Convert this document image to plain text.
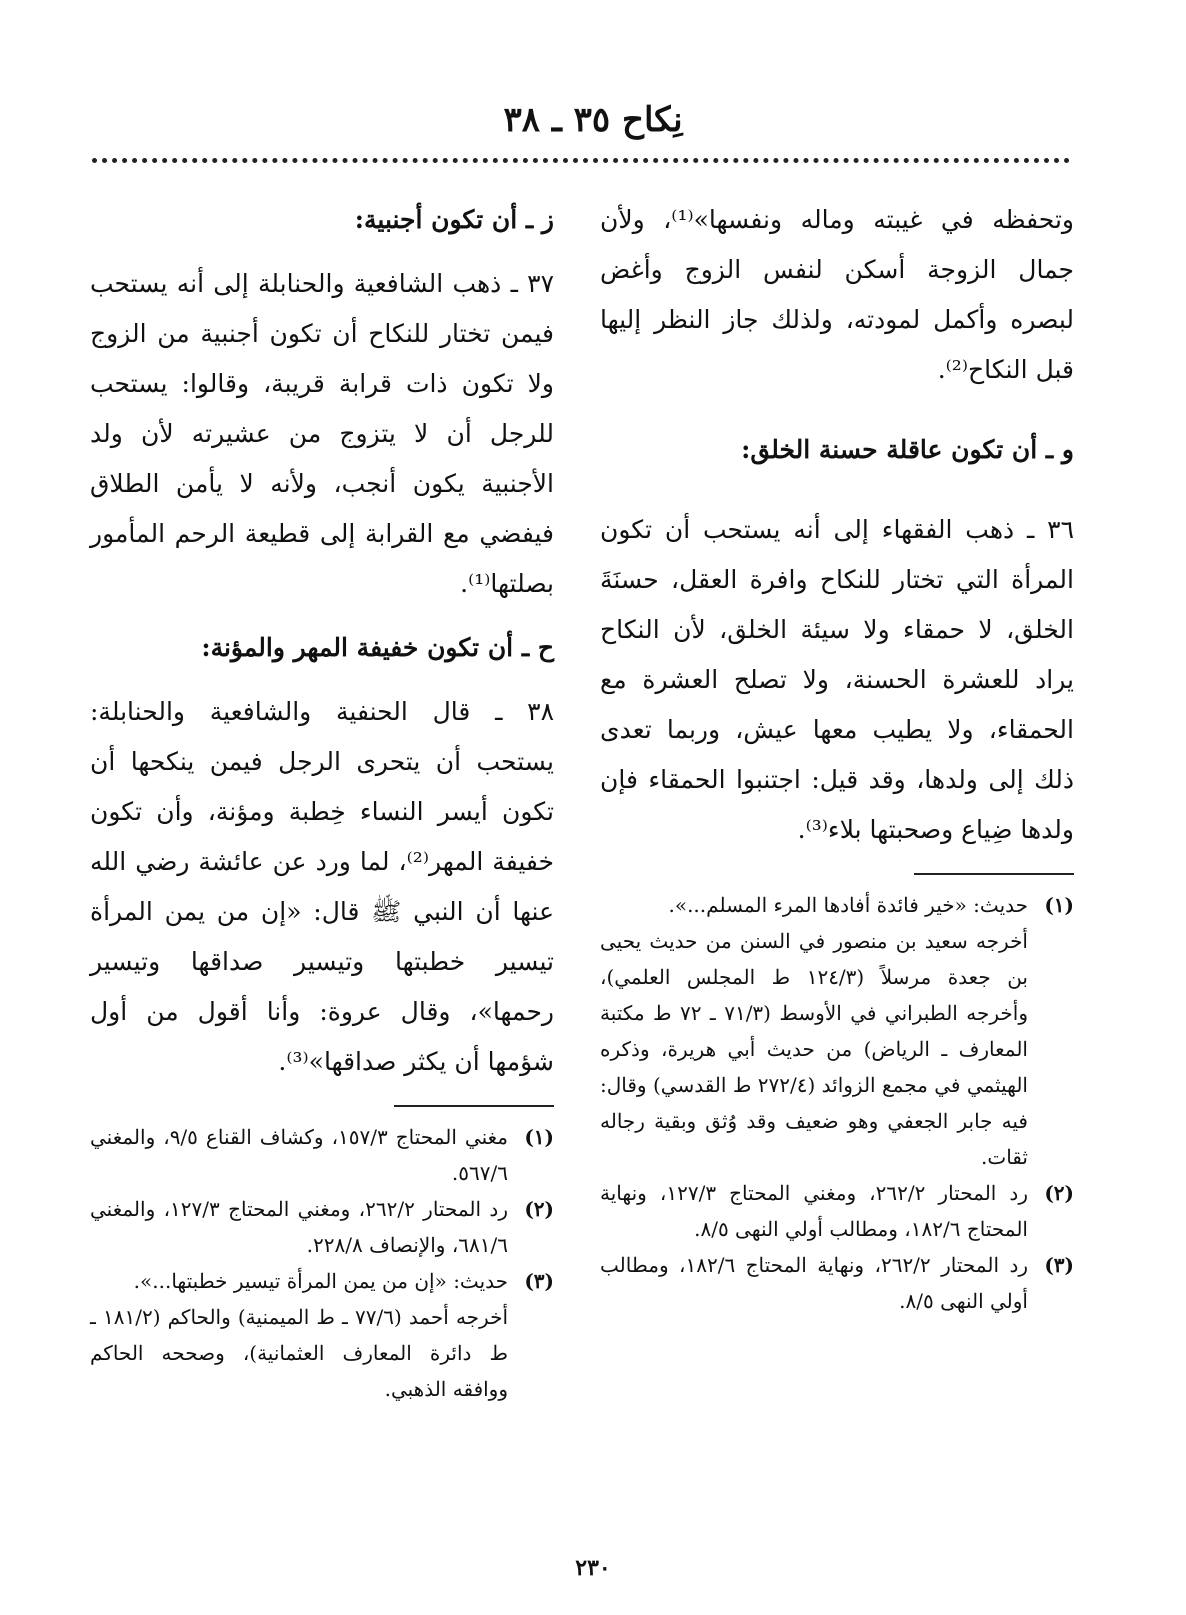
نِكاح ٣٥ ـ ٣٨

وتحفظه في غيبته وماله ونفسها»⁽¹⁾، ولأن جمال الزوجة أسكن لنفس الزوج وأغض لبصره وأكمل لمودته، ولذلك جاز النظر إليها قبل النكاح⁽²⁾.

و ـ أن تكون عاقلة حسنة الخلق:

٣٦ ـ ذهب الفقهاء إلى أنه يستحب أن تكون المرأة التي تختار للنكاح وافرة العقل، حسنَةَ الخلق، لا حمقاء ولا سيئة الخلق، لأن النكاح يراد للعشرة الحسنة، ولا تصلح العشرة مع الحمقاء، ولا يطيب معها عيش، وربما تعدى ذلك إلى ولدها، وقد قيل: اجتنبوا الحمقاء فإن ولدها ضِياع وصحبتها بلاء⁽³⁾.

(١)
حديث: «خير فائدة أفادها المرء المسلم...».

أخرجه سعيد بن منصور في السنن من حديث يحيى بن جعدة مرسلاً (١٢٤/٣ ط المجلس العلمي)، وأخرجه الطبراني في الأوسط (٧١/٣ ـ ٧٢ ط مكتبة المعارف ـ الرياض) من حديث أبي هريرة، وذكره الهيثمي في مجمع الزوائد (٢٧٢/٤ ط القدسي) وقال: فيه جابر الجعفي وهو ضعيف وقد وُثق وبقية رجاله ثقات.

(٢)
رد المحتار ٢٦٢/٢، ومغني المحتاج ١٢٧/٣، ونهاية المحتاج ١٨٢/٦، ومطالب أولي النهى ٨/٥.

(٣)
رد المحتار ٢٦٢/٢، ونهاية المحتاج ١٨٢/٦، ومطالب أولي النهى ٨/٥.

ز ـ أن تكون أجنبية:

٣٧ ـ ذهب الشافعية والحنابلة إلى أنه يستحب فيمن تختار للنكاح أن تكون أجنبية من الزوج ولا تكون ذات قرابة قريبة، وقالوا: يستحب للرجل أن لا يتزوج من عشيرته لأن ولد الأجنبية يكون أنجب، ولأنه لا يأمن الطلاق فيفضي مع القرابة إلى قطيعة الرحم المأمور بصلتها⁽¹⁾.

ح ـ أن تكون خفيفة المهر والمؤنة:

٣٨ ـ قال الحنفية والشافعية والحنابلة: يستحب أن يتحرى الرجل فيمن ينكحها أن تكون أيسر النساء خِطبة ومؤنة، وأن تكون خفيفة المهر⁽²⁾، لما ورد عن عائشة رضي الله عنها أن النبي ﷺ قال: «إن من يمن المرأة تيسير خطبتها وتيسير صداقها وتيسير رحمها»، وقال عروة: وأنا أقول من أول شؤمها أن يكثر صداقها»⁽³⁾.

(١)
مغني المحتاج ١٥٧/٣، وكشاف القناع ٩/٥، والمغني ٥٦٧/٦.

(٢)
رد المحتار ٢٦٢/٢، ومغني المحتاج ١٢٧/٣، والمغني ٦٨١/٦، والإنصاف ٢٢٨/٨.

(٣)
حديث: «إن من يمن المرأة تيسير خطبتها...».

أخرجه أحمد (٧٧/٦ ـ ط الميمنية) والحاكم (١٨١/٢ ـ ط دائرة المعارف العثمانية)، وصححه الحاكم ووافقه الذهبي.

٢٣٠
